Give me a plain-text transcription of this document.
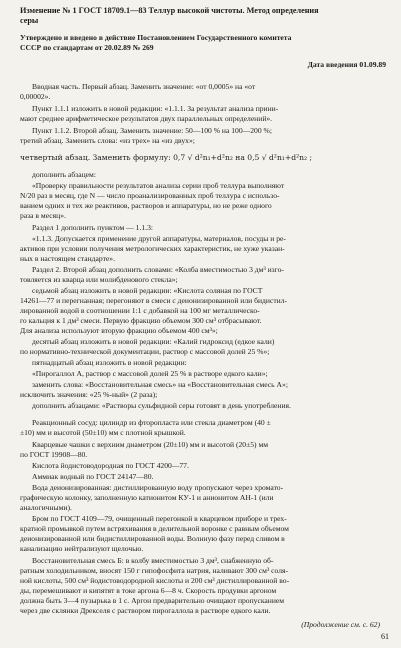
Изменение № 1 ГОСТ 18709.1—83 Теллур высокой чистоты. Метод определения
серы
Утверждено и введено в действие Постановлением Государственного комитета
СССР по стандартам от 20.02.89 № 269
Дата введения 01.09.89
Вводная часть. Первый абзац. Заменить значение: «от 0,0005» на «от
0,00002».
Пункт 1.1.1 изложить в новой редакции: «1.1.1. За результат анализа прини-
мают среднее арифметическое результатов двух параллельных определений».
Пункт 1.1.2. Второй абзац. Заменить значение: 50—100 % на 100—200 %;
третий абзац. Заменить слова: «из трех» на «из двух»;
четвертый абзац. Заменить формулу: 0,7 √ d²n₁+d²n₂ на 0,5 √ d²n₁+d²n₂ ;
дополнить абзацем:
«Проверку правильности результатов анализа серии проб теллура выполняют
N/20 раз в месяц, где N — число проанализированных проб теллура с использо-
ванием одних и тех же реактивов, растворов и аппаратуры, но не реже одного
раза в месяц».
Раздел 1 дополнить пунктом — 1.1.3:
«1.1.3. Допускается применение другой аппаратуры, материалов, посуды и ре-
активов при условии получения метрологических характеристик, не хуже указан-
ных в настоящем стандарте».
Раздел 2. Второй абзац дополнить словами: «Колба вместимостью 3 дм³ изго-
товляется из кварца или молибденового стекла»;
седьмой абзац изложить в новой редакции: «Кислота соляная по ГОСТ
14261—77 и перегнанная; перегоняют в смеси с деионизированной или бидистил-
лированной водой в соотношении 1:1 с добавкой на 100 мг металлическо-
го кальция к 1 дм³ смеси. Первую фракцию объемом 300 см³ отбрасывают.
Для анализа используют вторую фракцию объемом 400 см³»;
десятый абзац изложить в новой редакции: «Калий гидроксид (едкое кали)
по нормативно-технической документации, раствор с массовой долей 25 %»;
пятнадцатый абзац изложить в новой редакции:
«Пирогаллол А, раствор с массовой долей 25 % в растворе едкого кали»;
заменить слова: «Восстановительная смесь» на «Восстановительная смесь А»;
исключить значения: «25 %-ный» (2 раза);
дополнить абзацами: «Растворы сульфидной серы готовят в день употребления.
Реакционный сосуд: цилиндр из фторопласта или стекла диаметром (40 ±
±10) мм и высотой (50±10) мм с плотной крышкой.
Кварцевые чашки с верхним диаметром (20±10) мм и высотой (20±5) мм
по ГОСТ 19908—80.
Кислота йодистоводородная по ГОСТ 4200—77.
Аммиак водный по ГОСТ 24147—80.
Вода деионизированная: дистиллированную воду пропускают через хромато-
графическую колонку, заполненную катионитом КУ-1 и анионитом АН-1 (или
аналогичными).
Бром по ГОСТ 4109—79, очищенный перегонкой в кварцевом приборе и трех-
кратной промывкой путем встряхивания в делительной воронке с равным объемом
деионизированной или бидистиллированной воды. Волнную фазу перед сливом в
канализацию нейтрализуют щелочью.
Восстановительная смесь Б: в колбу вместимостью 3 дм³, снабженную об-
ратным холодильником, вносят 150 г гипофосфита натрия, наливают 300 см³ соля-
ной кислоты, 500 см³ йодистоводородной кислоты и 200 см³ дистиллированной во-
ды, перемешивают и кипятят в токе аргона 6—8 ч. Скорость продувки аргоном
должна быть 3—4 пузырька в 1 с. Аргон предварительно очищают пропусканием
через две склянки Дрекселя с раствором пирогаллола в растворе едкого кали.
(Продолжение см. с. 62)
61
